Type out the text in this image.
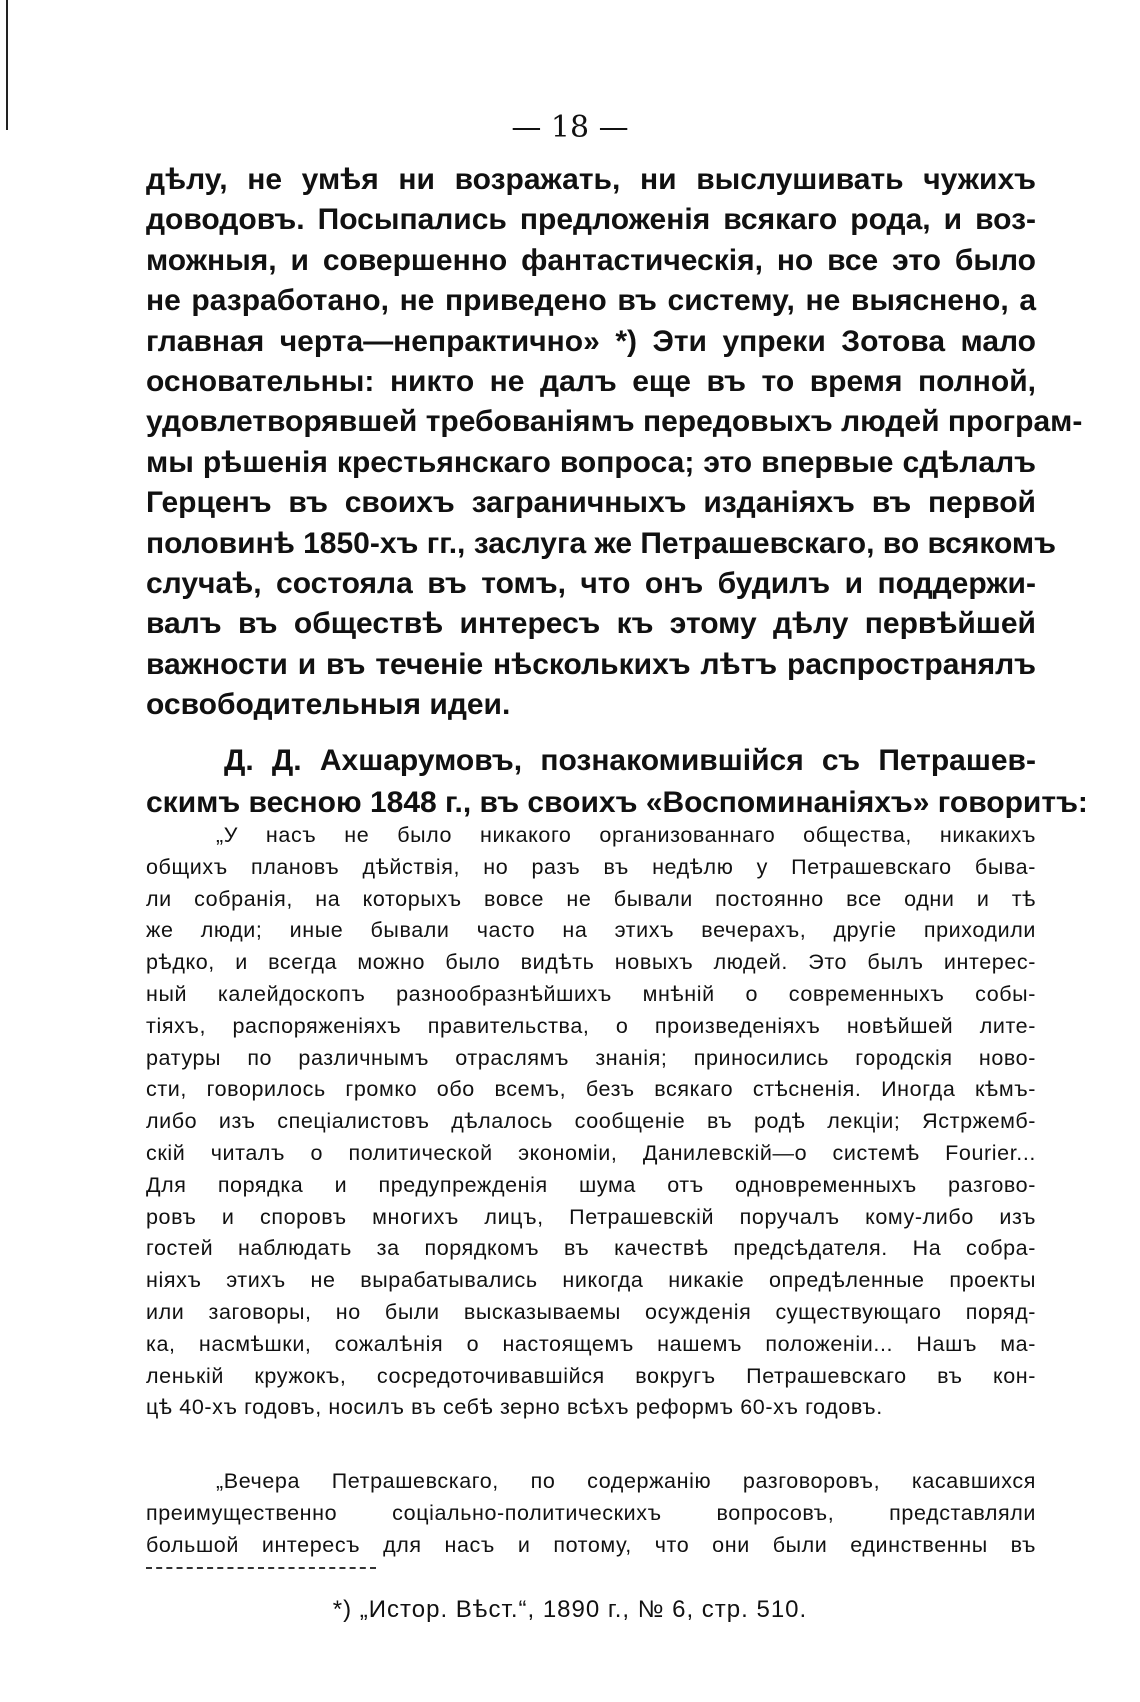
— 18 —
дѣлу, не умѣя ни возражать, ни выслушивать чужихъ
доводовъ. Посыпались предложенія всякаго рода, и воз-
можныя, и совершенно фантастическія, но все это было
не разработано, не приведено въ систему, не выяснено, а
главная черта—непрактично» *) Эти упреки Зотова мало
основательны: никто не далъ еще въ то время полной,
удовлетворявшей требованіямъ передовыхъ людей програм-
мы рѣшенія крестьянскаго вопроса; это впервые сдѣлалъ
Герценъ въ своихъ заграничныхъ изданіяхъ въ первой
половинѣ 1850-хъ гг., заслуга же Петрашевскаго, во всякомъ
случаѣ, состояла въ томъ, что онъ будилъ и поддержи-
валъ въ обществѣ интересъ къ этому дѣлу первѣйшей
важности и въ теченіе нѣсколькихъ лѣтъ распространялъ
освободительныя идеи.
Д. Д. Ахшарумовъ, познакомившійся съ Петрашев-
скимъ весною 1848 г., въ своихъ «Воспоминаніяхъ» говоритъ:
„У насъ не было никакого организованнаго общества, никакихъ
общихъ плановъ дѣйствія, но разъ въ недѣлю у Петрашевскаго быва-
ли собранія, на которыхъ вовсе не бывали постоянно все одни и тѣ
же люди; иные бывали часто на этихъ вечерахъ, другіе приходили
рѣдко, и всегда можно было видѣть новыхъ людей. Это былъ интерес-
ный калейдоскопъ разнообразнѣйшихъ мнѣній о современныхъ собы-
тіяхъ, распоряженіяхъ правительства, о произведеніяхъ новѣйшей лите-
ратуры по различнымъ отраслямъ знанія; приносились городскія ново-
сти, говорилось громко обо всемъ, безъ всякаго стѣсненія. Иногда кѣмъ-
либо изъ спеціалистовъ дѣлалось сообщеніе въ родѣ лекціи; Ястржемб-
скій читалъ о политической экономіи, Данилевскій—о системѣ Fourier...
Для порядка и предупрежденія шума отъ одновременныхъ разгово-
ровъ и споровъ многихъ лицъ, Петрашевскій поручалъ кому-либо изъ
гостей наблюдать за порядкомъ въ качествѣ предсѣдателя. На собра-
ніяхъ этихъ не вырабатывались никогда никакіе опредѣленные проекты
или заговоры, но были высказываемы осужденія существующаго поряд-
ка, насмѣшки, сожалѣнія о настоящемъ нашемъ положеніи... Нашъ ма-
ленькій кружокъ, сосредоточивавшійся вокругъ Петрашевскаго въ кон-
цѣ 40-хъ годовъ, носилъ въ себѣ зерно всѣхъ реформъ 60-хъ годовъ.
„Вечера Петрашевскаго, по содержанію разговоровъ, касавшихся
преимущественно соціально-политическихъ вопросовъ, представляли
большой интересъ для насъ и потому, что они были единственны въ
*) „Истор. Вѣст.“, 1890 г., № 6, стр. 510.
